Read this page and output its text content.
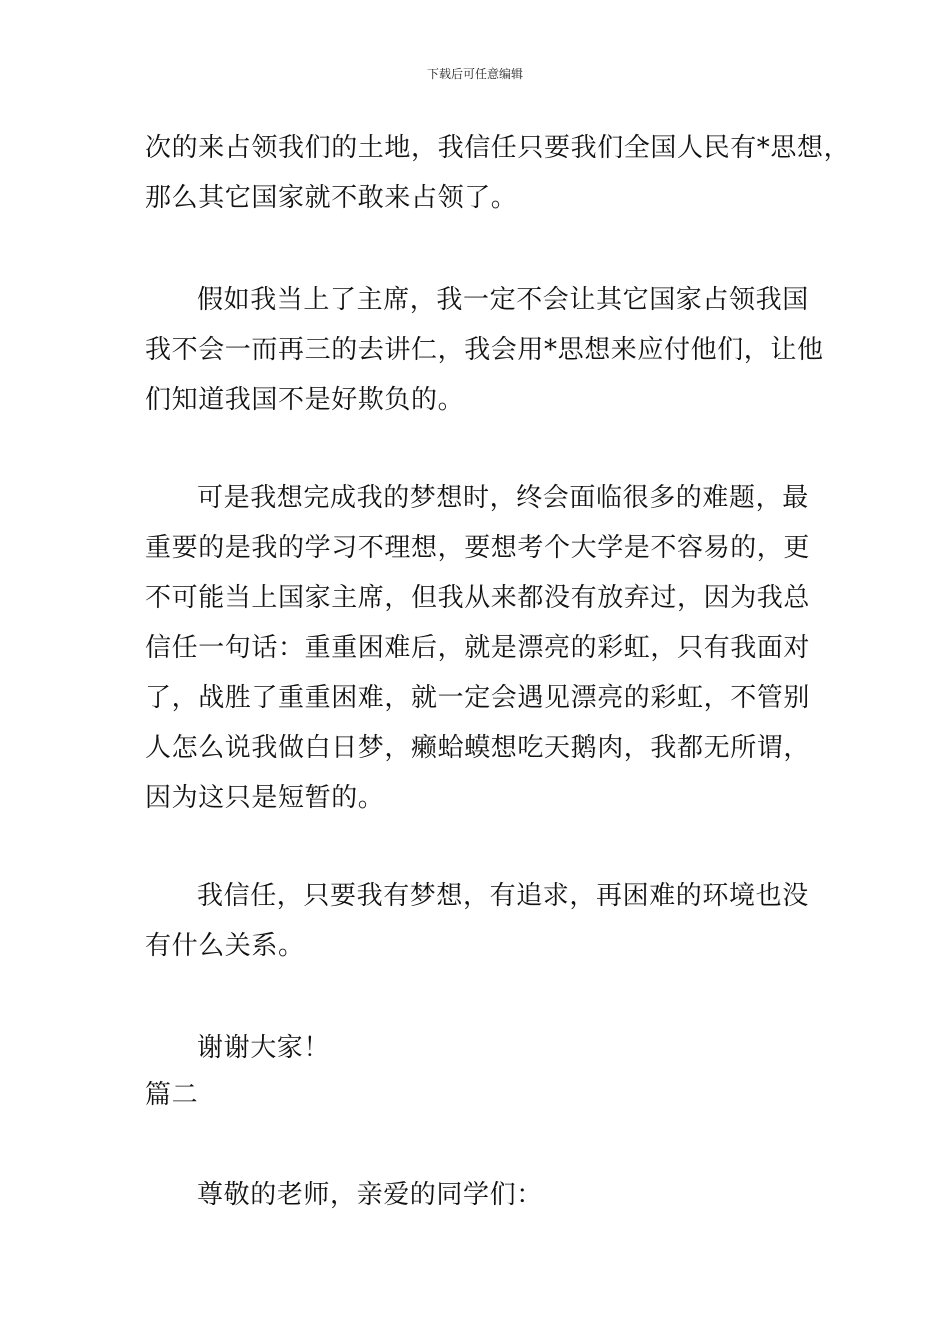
下载后可任意编辑
次的来占领我们的土地，我信任只要我们全国人民有*思想，
那么其它国家就不敢来占领了。
假如我当上了主席，我一定不会让其它国家占领我国
我不会一而再三的去讲仁，我会用*思想来应付他们，让他
们知道我国不是好欺负的。
可是我想完成我的梦想时，终会面临很多的难题，最
重要的是我的学习不理想，要想考个大学是不容易的，更
不可能当上国家主席，但我从来都没有放弃过，因为我总
信任一句话：重重困难后，就是漂亮的彩虹，只有我面对
了，战胜了重重困难，就一定会遇见漂亮的彩虹，不管别
人怎么说我做白日梦，癞蛤蟆想吃天鹅肉，我都无所谓，
因为这只是短暂的。
我信任，只要我有梦想，有追求，再困难的环境也没
有什么关系。
谢谢大家！
篇二
尊敬的老师，亲爱的同学们：
